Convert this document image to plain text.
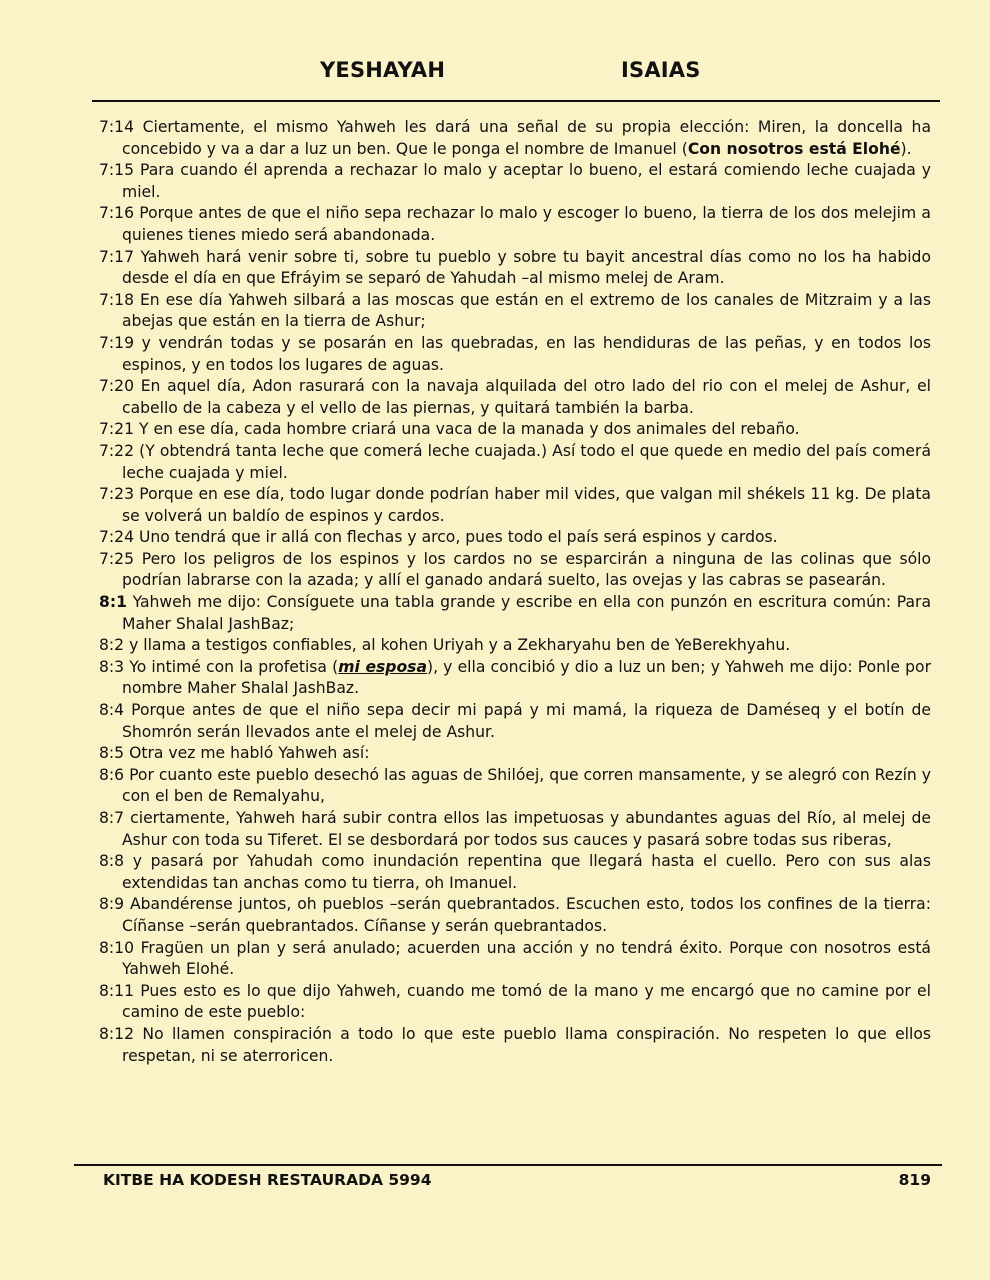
YESHAYAH	ISAIAS

7:14 Ciertamente, el mismo Yahweh les dará una señal de su propia elección: Miren, la doncella ha concebido y va a dar a luz un ben. Que le ponga el nombre de Imanuel (Con nosotros está Elohé).

7:15 Para cuando él aprenda a rechazar lo malo y aceptar lo bueno, el estará comiendo leche cuajada y miel.

7:16 Porque antes de que el niño sepa rechazar lo malo y escoger lo bueno, la tierra de los dos melejim a quienes tienes miedo será abandonada.

7:17 Yahweh hará venir sobre ti, sobre tu pueblo y sobre tu bayit ancestral días como no los ha habido desde el día en que Efráyim se separó de Yahudah –al mismo melej de Aram.

7:18 En ese día Yahweh silbará a las moscas que están en el extremo de los canales de Mitzraim y a las abejas que están en la tierra de Ashur;

7:19 y vendrán todas y se posarán en las quebradas, en las hendiduras de las peñas, y en todos los espinos, y en todos los lugares de aguas.

7:20 En aquel día, Adon rasurará con la navaja alquilada del otro lado del rio con el melej de Ashur, el cabello de la cabeza y el vello de las piernas, y quitará también la barba.

7:21 Y en ese día, cada hombre criará una vaca de la manada y dos animales del rebaño.

7:22 (Y obtendrá tanta leche que comerá leche cuajada.) Así todo el que quede en medio del país comerá leche cuajada y miel.

7:23 Porque en ese día, todo lugar donde podrían haber mil vides, que valgan mil shékels 11 kg. De plata se volverá un baldío de espinos y cardos.

7:24 Uno tendrá que ir allá con flechas y arco, pues todo el país será espinos y cardos.

7:25 Pero los peligros de los espinos y los cardos no se esparcirán a ninguna de las colinas que sólo podrían labrarse con la azada; y allí el ganado andará suelto, las ovejas y las cabras se pasearán.

8:1 Yahweh me dijo: Consíguete una tabla grande y escribe en ella con punzón en escritura común: Para Maher Shalal JashBaz;

8:2 y llama a testigos confiables, al kohen Uriyah y a Zekharyahu ben de YeBerekhyahu.

8:3 Yo intimé con la profetisa (mi esposa), y ella concibió y dio a luz un ben; y Yahweh me dijo: Ponle por nombre Maher Shalal JashBaz.

8:4 Porque antes de que el niño sepa decir mi papá y mi mamá, la riqueza de Daméseq y el botín de Shomrón serán llevados ante el melej de Ashur.

8:5 Otra vez me habló Yahweh así:

8:6 Por cuanto este pueblo desechó las aguas de Shilóej, que corren mansamente, y se alegró con Rezín y con el ben de Remalyahu,

8:7 ciertamente, Yahweh hará subir contra ellos las impetuosas y abundantes aguas del Río, al melej de Ashur con toda su Tiferet. El se desbordará por todos sus cauces y pasará sobre todas sus riberas,

8:8 y pasará por Yahudah como inundación repentina que llegará hasta el cuello. Pero con sus alas extendidas tan anchas como tu tierra, oh Imanuel.

8:9 Abandérense juntos, oh pueblos –serán quebrantados. Escuchen esto, todos los confines de la tierra: Cíñanse –serán quebrantados. Cíñanse y serán quebrantados.

8:10 Fragüen un plan y será anulado; acuerden una acción y no tendrá éxito. Porque con nosotros está Yahweh Elohé.

8:11 Pues esto es lo que dijo Yahweh, cuando me tomó de la mano y me encargó que no camine por el camino de este pueblo:

8:12 No llamen conspiración a todo lo que este pueblo llama conspiración. No respeten lo que ellos respetan, ni se aterroricen.

KITBE HA KODESH RESTAURADA 5994	819
